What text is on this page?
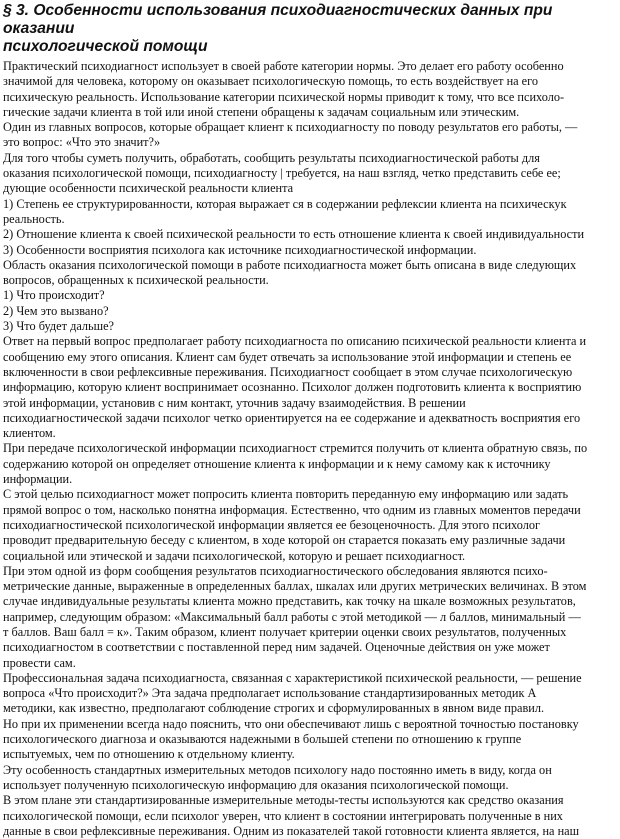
§ 3. Особенности использования психодиагностических данных при оказании
психологической помощи
Практический психодиагност использует в своей работе категории нормы. Это делает его работу особенно
значимой для человека, которому он оказывает психологическую помощь, то есть воздействует на его
психическую реальность. Использование категории психической нормы приводит к тому, что все психоло-
гические задачи клиента в той или иной степени обращены к задачам социальным или этическим.
Один из главных вопросов, которые обращает клиент к психодиагносту по поводу результатов его работы, —
это вопрос: «Что это значит?»
Для того чтобы суметь получить, обработать, сообщить результаты психодиагностической работы для
оказания психологической помощи, психодиагносту | требуется, на наш взгляд, четко представить себе ее;
дующие особенности психической реальности клиента
1) Степень ее структурированности, которая выражает ся в содержании рефлексии клиента на психическук
реальность.
2) Отношение клиента к своей психической реальности то есть отношение клиента к своей индивидуальности
3) Особенности восприятия психолога как источнике психодиагностической информации.
Область оказания психологической помощи в работе психодиагноста может быть описана в виде следующих
вопросов, обращенных к психической реальности.
1) Что происходит?
2) Чем это вызвано?
3) Что будет дальше?
Ответ на первый вопрос предполагает работу психодиагноста по описанию психической реальности клиента и
сообщению ему этого описания. Клиент сам будет отвечать за использование этой информации и степень ее
включенности в свои рефлексивные переживания. Психодиагност сообщает в этом случае психологическую
информацию, которую клиент воспринимает осознанно. Психолог должен подготовить клиента к восприятию
этой информации, установив с ним контакт, уточнив задачу взаимодействия. В решении
психодиагностической задачи психолог четко ориентируется на ее содержание и адекватность восприятия его
клиентом.
При передаче психологической информации психодиагност стремится получить от клиента обратную связь, по
содержанию которой он определяет отношение клиента к информации и к нему самому как к источнику
информации.
С этой целью психодиагност может попросить клиента повторить переданную ему информацию или задать
прямой вопрос о том, насколько понятна информация. Естественно, что одним из главных моментов передачи
психодиагностической психологической информации является ее безоценочность. Для этого психолог
проводит предварительную беседу с клиентом, в ходе которой он старается показать ему различные задачи
социальной или этической и задачи психологической, которую и решает психодиагност.
При этом одной из форм сообщения результатов психодиагностического обследования являются психо-
метрические данные, выраженные в определенных баллах, шкалах или других метрических величинах. В этом
случае индивидуальные результаты клиента можно представить, как точку на шкале возможных результатов,
например, следующим образом: «Максимальный балл работы с этой методикой — л баллов, минимальный —
т баллов. Ваш балл = к». Таким образом, клиент получает критерии оценки своих результатов, полученных
психодиагностом в соответствии с поставленной перед ним задачей. Оценочные действия он уже может
провести сам.
Профессиональная задача психодиагноста, связанная с характеристикой психической реальности, — решение
вопроса «Что происходит?» Эта задача предполагает использование стандартизированных методик А
методики, как известно, предполагают соблюдение строгих и сформулированных в явном виде правил.
Но при их применении всегда надо пояснить, что они обеспечивают лишь с вероятной точностью постановку
психологического диагноза и оказываются надежными в большей степени по отношению к группе
испытуемых, чем по отношению к отдельному клиенту.
Эту особенность стандартных измерительных методов психологу надо постоянно иметь в виду, когда он
использует полученную психологическую информацию для оказания психологической помощи.
В этом плане эти стандартизированные измерительные методы-тесты используются как средство оказания
психологической помощи, если психолог уверен, что клиент в состоянии интегрировать полученные в них
данные в свои рефлексивные переживания. Одним из показателей такой готовности клиента является, на наш
